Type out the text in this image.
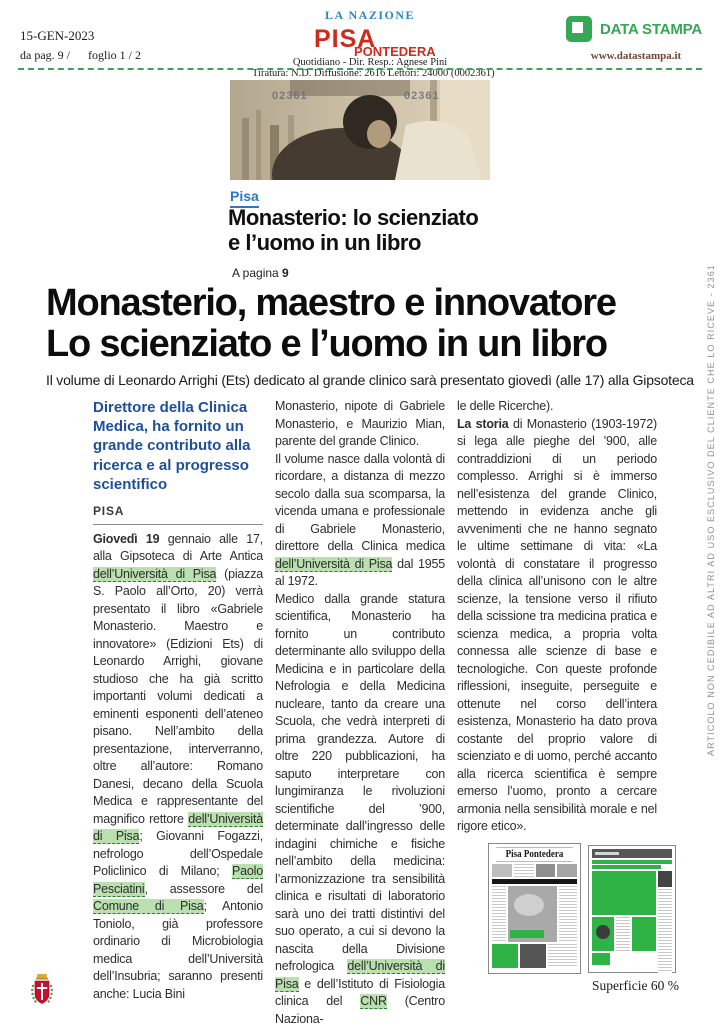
15-GEN-2023
da pag. 9 / foglio 1 / 2
LA NAZIONE
PISA
PONTEDERA
Quotidiano - Dir. Resp.: Agnese Pini
Tiratura: N.D. Diffusione: 2616 Lettori: 24000 (0002361)
DATA STAMPA
www.datastampa.it
02361	02361
Pisa
Monasterio: lo scienziato
e l’uomo in un libro
A pagina 9
Monasterio, maestro e innovatore
Lo scienziato e l’uomo in un libro
Il volume di Leonardo Arrighi (Ets) dedicato al grande clinico sarà presentato giovedì (alle 17) alla Gipsoteca
Direttore della Clinica Medica, ha fornito un grande contributo alla ricerca e al progresso scientifico
PISA

Giovedì 19 gennaio alle 17, alla Gipsoteca di Arte Antica dell’Università di Pisa (piazza S. Paolo all’Orto, 20) verrà presentato il libro «Gabriele Monasterio. Maestro e innovatore» (Edizioni Ets) di Leonardo Arrighi, giovane studioso che ha già scritto importanti volumi dedicati a eminenti esponenti dell’ateneo pisano. Nell’ambito della presentazione, interverranno, oltre all’autore: Romano Danesi, decano della Scuola Medica e rappresentante del magnifico rettore dell’Università di Pisa; Giovanni Fogazzi, nefrologo dell’Ospedale Policlinico di Milano; Paolo Pesciatini, assessore del Comune di Pisa; Antonio Toniolo, già professore ordinario di Microbiologia medica dell’Università dell’Insubria; saranno presenti anche: Lucia Bini

Monasterio, nipote di Gabriele Monasterio, e Maurizio Mian, parente del grande Clinico.

Il volume nasce dalla volontà di ricordare, a distanza di mezzo secolo dalla sua scomparsa, la vicenda umana e professionale di Gabriele Monasterio, direttore della Clinica medica dell’Università di Pisa dal 1955 al 1972.

Medico dalla grande statura scientifica, Monasterio ha fornito un contributo determinante allo sviluppo della Medicina e in particolare della Nefrologia e della Medicina nucleare, tanto da creare una Scuola, che vedrà interpreti di prima grandezza. Autore di oltre 220 pubblicazioni, ha saputo interpretare con lungimiranza le rivoluzioni scientifiche del ’900, determinate dall’ingresso delle indagini chimiche e fisiche nell’ambito della medicina: l’armonizzazione tra sensibilità clinica e risultati di laboratorio sarà uno dei tratti distintivi del suo operato, a cui si devono la nascita della Divisione nefrologica dell’Università di Pisa e dell’Istituto di Fisiologia clinica del CNR (Centro Naziona-

le delle Ricerche).

La storia di Monasterio (1903-1972) si lega alle pieghe del ’900, alle contraddizioni di un periodo complesso. Arrighi si è immerso nell’esistenza del grande Clinico, mettendo in evidenza anche gli avvenimenti che ne hanno segnato le ultime settimane di vita: «La volontà di constatare il progresso della clinica all’unisono con le altre scienze, la tensione verso il rifiuto della scissione tra medicina pratica e scienza medica, a propria volta connessa alle scienze di base e tecnologiche. Con queste profonde riflessioni, inseguite, perseguite e ottenute nel corso dell’intera esistenza, Monasterio ha dato prova costante del proprio valore di scienziato e di uomo, perché accanto alla ricerca scientifica è sempre emerso l’uomo, pronto a cercare armonia nella sensibilità morale e nel rigore etico».

ARTICOLO NON CEDIBILE AD ALTRI AD USO ESCLUSIVO DEL CLIENTE CHE LO RICEVE - 2361
Pisa Pontedera
Superficie 60 %
